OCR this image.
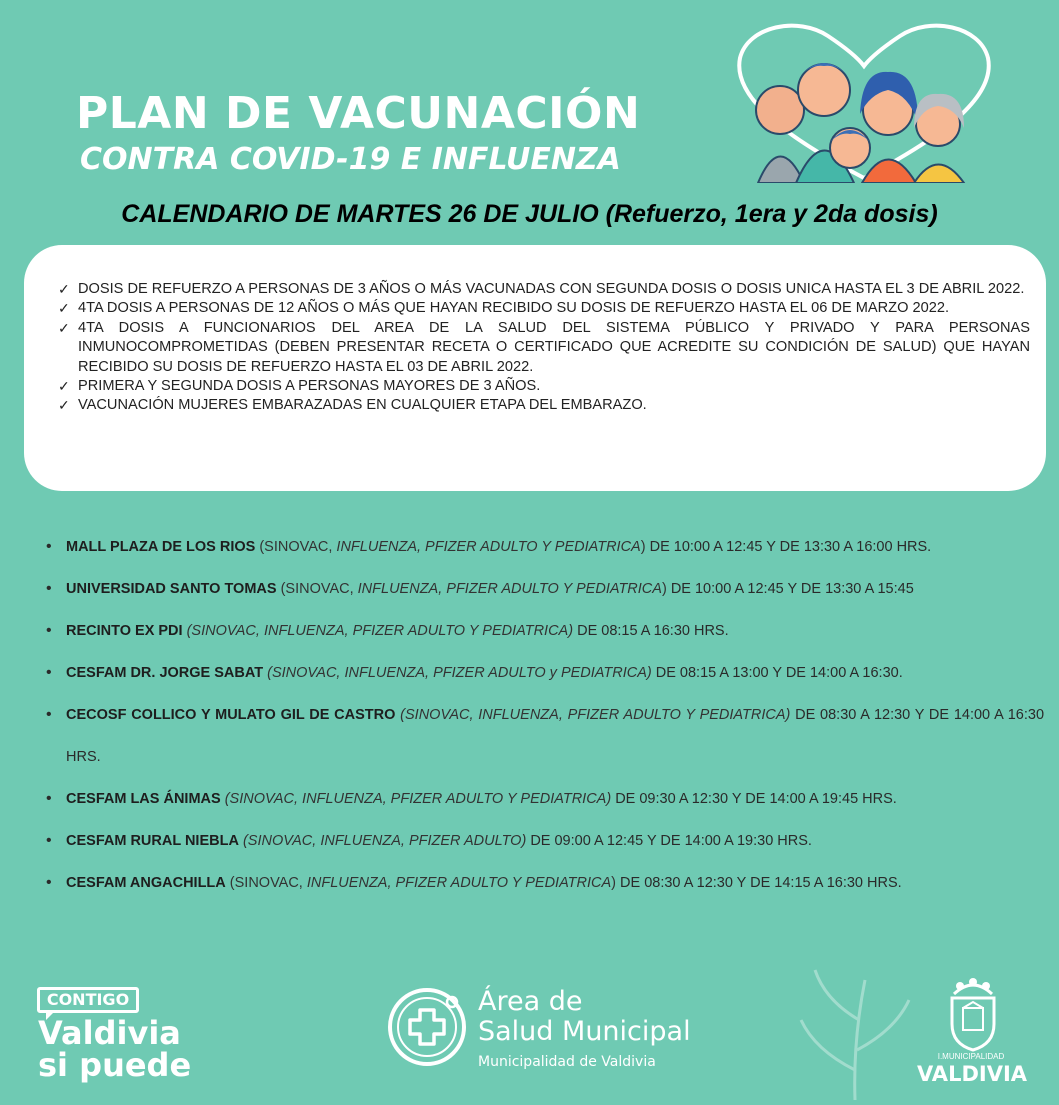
PLAN DE VACUNACIÓN
CONTRA COVID-19 E INFLUENZA
CALENDARIO DE MARTES 26 DE JULIO (Refuerzo, 1era y 2da dosis)
✓ DOSIS DE REFUERZO A PERSONAS DE 3 AÑOS O MÁS VACUNADAS CON SEGUNDA DOSIS O DOSIS UNICA HASTA EL 3 DE ABRIL 2022.
✓ 4TA DOSIS A PERSONAS DE 12 AÑOS O MÁS QUE HAYAN RECIBIDO SU DOSIS DE REFUERZO HASTA EL 06 DE MARZO 2022.
✓ 4TA DOSIS A FUNCIONARIOS DEL AREA DE LA SALUD DEL SISTEMA PÚBLICO Y PRIVADO Y PARA PERSONAS INMUNOCOMPROMETIDAS (DEBEN PRESENTAR RECETA O CERTIFICADO QUE ACREDITE SU CONDICIÓN DE SALUD) QUE HAYAN RECIBIDO SU DOSIS DE REFUERZO HASTA EL 03 DE ABRIL 2022.
✓ PRIMERA Y SEGUNDA DOSIS A PERSONAS MAYORES DE 3 AÑOS.
✓ VACUNACIÓN MUJERES EMBARAZADAS EN CUALQUIER ETAPA DEL EMBARAZO.
• MALL PLAZA DE LOS RIOS (SINOVAC, INFLUENZA, PFIZER ADULTO Y PEDIATRICA) DE 10:00 A 12:45 Y DE 13:30 A 16:00 HRS.
• UNIVERSIDAD SANTO TOMAS (SINOVAC, INFLUENZA, PFIZER ADULTO Y PEDIATRICA) DE 10:00 A 12:45 Y DE 13:30 A 15:45
• RECINTO EX PDI (SINOVAC, INFLUENZA, PFIZER ADULTO Y PEDIATRICA) DE 08:15 A 16:30 HRS.
• CESFAM DR. JORGE SABAT (SINOVAC, INFLUENZA, PFIZER ADULTO y PEDIATRICA) DE 08:15 A 13:00 Y DE 14:00 A 16:30.
• CECOSF COLLICO Y MULATO GIL DE CASTRO (SINOVAC, INFLUENZA, PFIZER ADULTO Y PEDIATRICA) DE 08:30 A 12:30 Y DE 14:00 A 16:30 HRS.
• CESFAM LAS ÁNIMAS (SINOVAC, INFLUENZA, PFIZER ADULTO Y PEDIATRICA) DE 09:30 A 12:30 Y DE 14:00 A 19:45 HRS.
• CESFAM RURAL NIEBLA (SINOVAC, INFLUENZA, PFIZER ADULTO) DE 09:00 A 12:45 Y DE 14:00 A 19:30 HRS.
• CESFAM ANGACHILLA (SINOVAC, INFLUENZA, PFIZER ADULTO Y PEDIATRICA) DE 08:30 A 12:30 Y DE 14:15 A 16:30 HRS.
CONTIGO
Valdivia
si puede
Área de
Salud Municipal
Municipalidad de Valdivia	I.MUNICIPALIDAD
VALDIVIA
